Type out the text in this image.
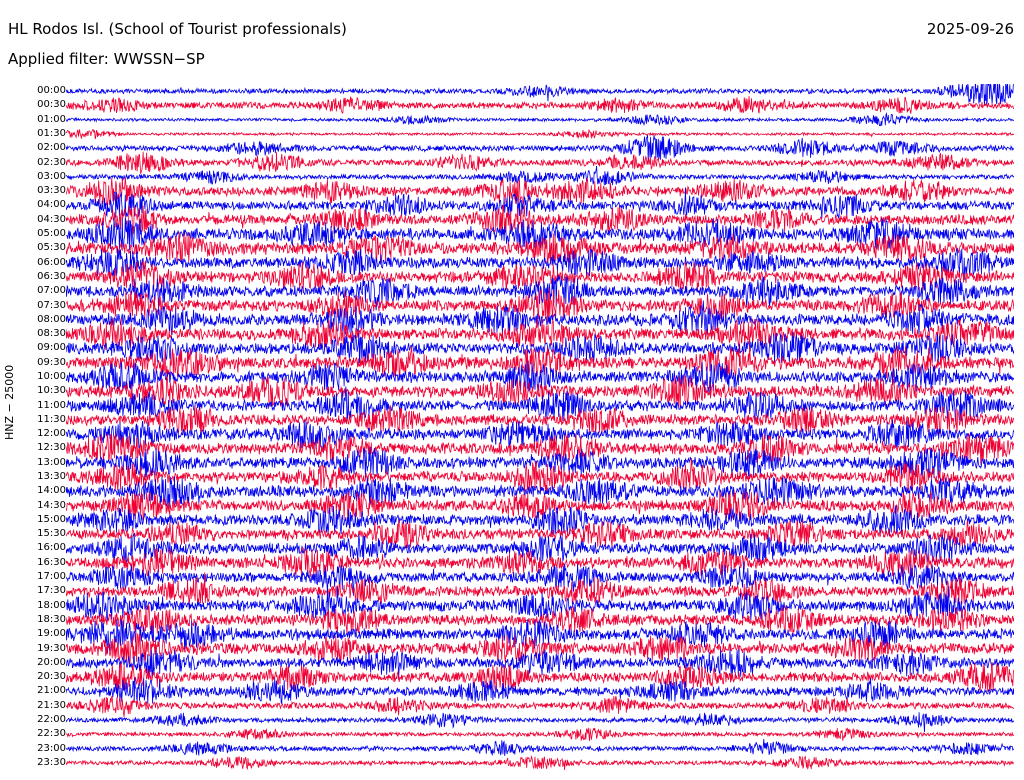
HL Rodos Isl. (School of Tourist professionals)	2025-09-26
Applied filter: WWSSN−SP
HNZ − 25000
00:00
00:30
01:00
01:30
02:00
02:30
03:00
03:30
04:00
04:30
05:00
05:30
06:00
06:30
07:00
07:30
08:00
08:30
09:00
09:30
10:00
10:30
11:00
11:30
12:00
12:30
13:00
13:30
14:00
14:30
15:00
15:30
16:00
16:30
17:00
17:30
18:00
18:30
19:00
19:30
20:00
20:30
21:00
21:30
22:00
22:30
23:00
23:30
